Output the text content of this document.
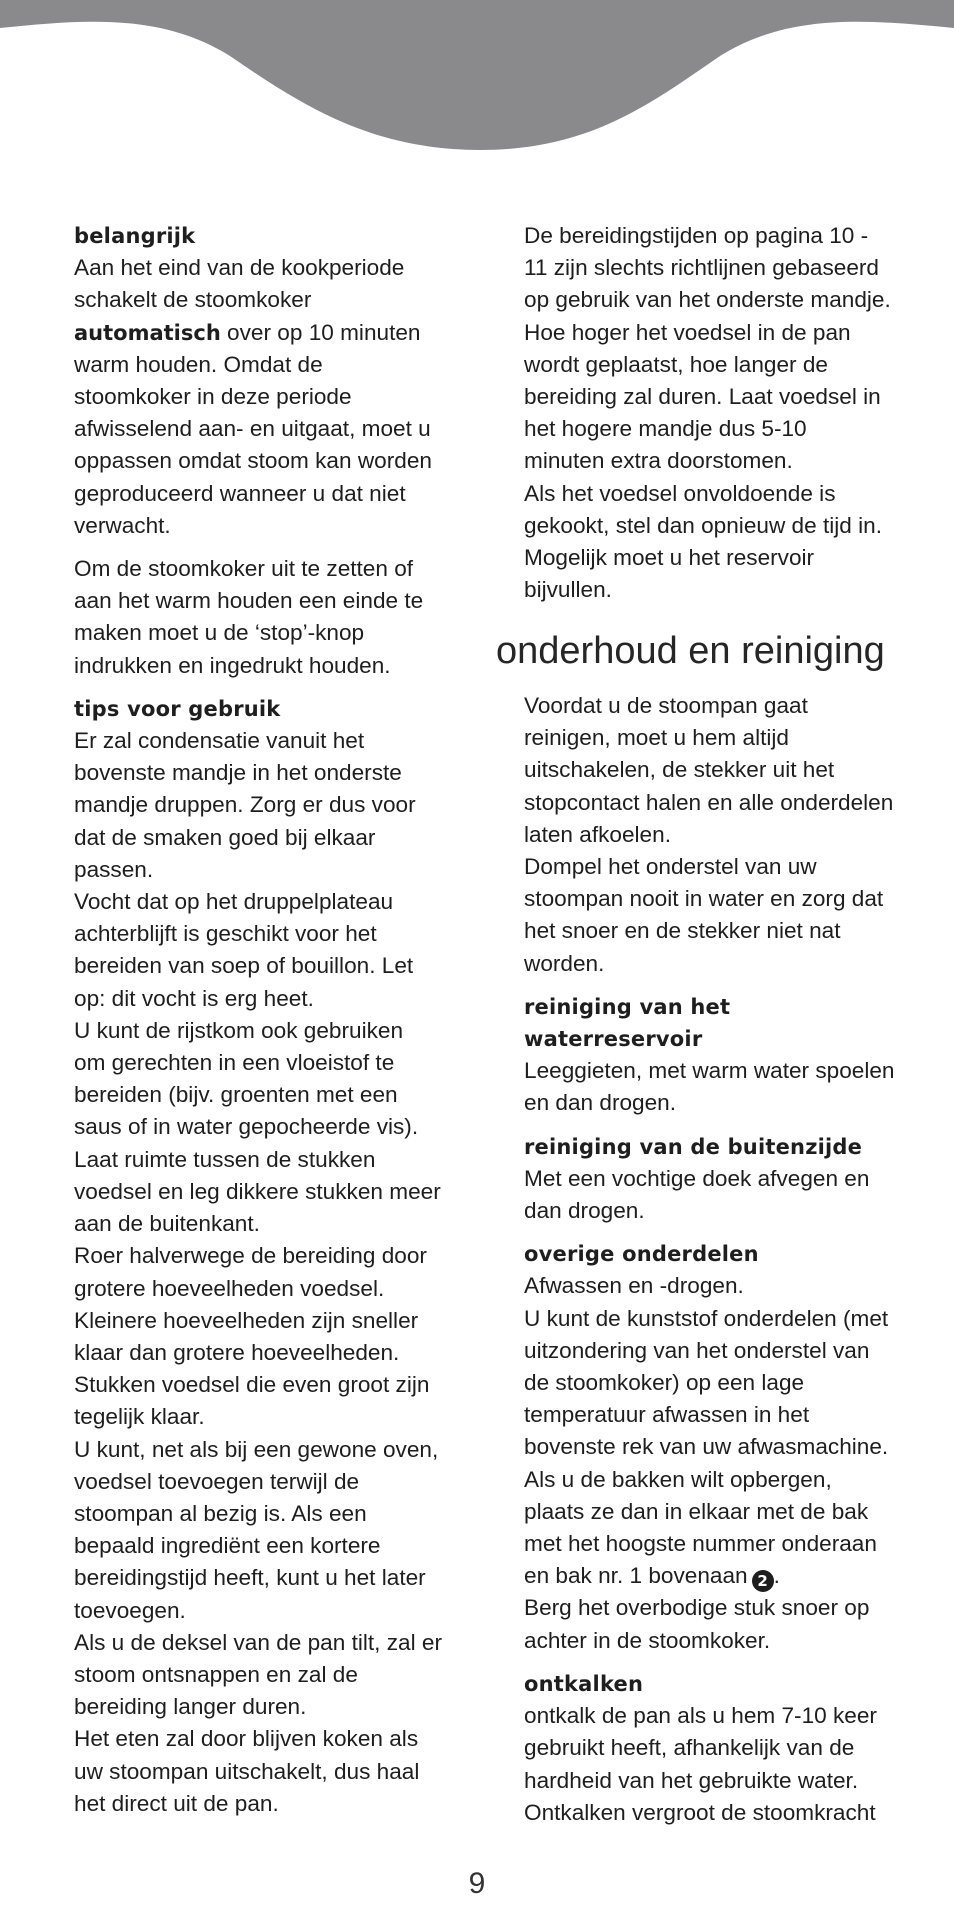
belangrijk
Aan het eind van de kookperiode
schakelt de stoomkoker
automatisch over op 10 minuten
warm houden. Omdat de
stoomkoker in deze periode
afwisselend aan- en uitgaat, moet u
oppassen omdat stoom kan worden
geproduceerd wanneer u dat niet
verwacht.
Om de stoomkoker uit te zetten of
aan het warm houden een einde te
maken moet u de ‘stop’-knop
indrukken en ingedrukt houden.
tips voor gebruik
Er zal condensatie vanuit het
bovenste mandje in het onderste
mandje druppen. Zorg er dus voor
dat de smaken goed bij elkaar
passen.
Vocht dat op het druppelplateau
achterblijft is geschikt voor het
bereiden van soep of bouillon. Let
op: dit vocht is erg heet.
U kunt de rijstkom ook gebruiken
om gerechten in een vloeistof te
bereiden (bijv. groenten met een
saus of in water gepocheerde vis).
Laat ruimte tussen de stukken
voedsel en leg dikkere stukken meer
aan de buitenkant.
Roer halverwege de bereiding door
grotere hoeveelheden voedsel.
Kleinere hoeveelheden zijn sneller
klaar dan grotere hoeveelheden.
Stukken voedsel die even groot zijn
tegelijk klaar.
U kunt, net als bij een gewone oven,
voedsel toevoegen terwijl de
stoompan al bezig is. Als een
bepaald ingrediënt een kortere
bereidingstijd heeft, kunt u het later
toevoegen.
Als u de deksel van de pan tilt, zal er
stoom ontsnappen en zal de
bereiding langer duren.
Het eten zal door blijven koken als
uw stoompan uitschakelt, dus haal
het direct uit de pan.
De bereidingstijden op pagina 10 -
11 zijn slechts richtlijnen gebaseerd
op gebruik van het onderste mandje.
Hoe hoger het voedsel in de pan
wordt geplaatst, hoe langer de
bereiding zal duren. Laat voedsel in
het hogere mandje dus 5-10
minuten extra doorstomen.
Als het voedsel onvoldoende is
gekookt, stel dan opnieuw de tijd in.
Mogelijk moet u het reservoir
bijvullen.
onderhoud en reiniging
Voordat u de stoompan gaat
reinigen, moet u hem altijd
uitschakelen, de stekker uit het
stopcontact halen en alle onderdelen
laten afkoelen.
Dompel het onderstel van uw
stoompan nooit in water en zorg dat
het snoer en de stekker niet nat
worden.
reiniging van het
waterreservoir
Leeggieten, met warm water spoelen
en dan drogen.
reiniging van de buitenzijde
Met een vochtige doek afvegen en
dan drogen.
overige onderdelen
Afwassen en -drogen.
U kunt de kunststof onderdelen (met
uitzondering van het onderstel van
de stoomkoker) op een lage
temperatuur afwassen in het
bovenste rek van uw afwasmachine.
Als u de bakken wilt opbergen,
plaats ze dan in elkaar met de bak
met het hoogste nummer onderaan
en bak nr. 1 bovenaan 2 .
Berg het overbodige stuk snoer op
achter in de stoomkoker.
ontkalken
ontkalk de pan als u hem 7-10 keer
gebruikt heeft, afhankelijk van de
hardheid van het gebruikte water.
Ontkalken vergroot de stoomkracht
9
